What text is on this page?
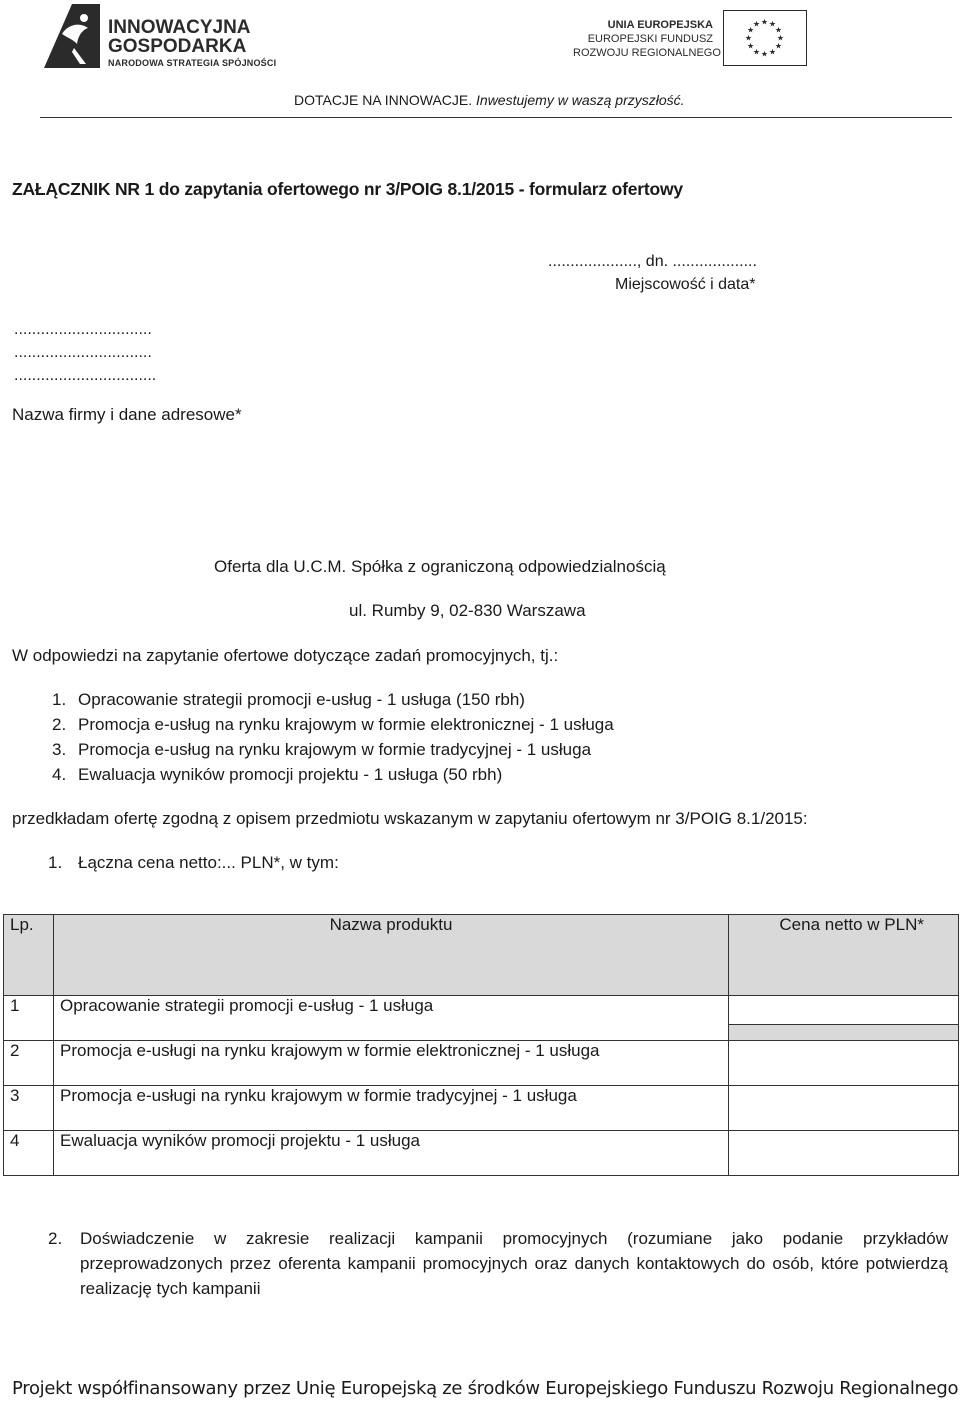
INNOWACYJNA
GOSPODARKA
NARODOWA STRATEGIA SPÓJNOŚCI
UNIA EUROPEJSKA
EUROPEJSKI FUNDUSZ
ROZWOJU REGIONALNEGO
★ ★
★
★
★
★
★
★
★
★
★
★
DOTACJE NA INNOWACJE. Inwestujemy w waszą przyszłość.
ZAŁĄCZNIK NR 1 do zapytania ofertowego nr 3/POIG 8.1/2015 - formularz ofertowy
...................., dn. ...................
Miejscowość i data*
...............................
...............................
................................
Nazwa firmy i dane adresowe*
Oferta dla U.C.M. Spółka z ograniczoną odpowiedzialnością
ul. Rumby 9, 02-830 Warszawa
W odpowiedzi na zapytanie ofertowe dotyczące zadań promocyjnych, tj.:
1. Opracowanie strategii promocji e-usług - 1 usługa (150 rbh)
2. Promocja e-usług na rynku krajowym w formie elektronicznej - 1 usługa
3. Promocja e-usług na rynku krajowym w formie tradycyjnej - 1 usługa
4. Ewaluacja wyników promocji projektu - 1 usługa (50 rbh)
przedkładam ofertę zgodną z opisem przedmiotu wskazanym w zapytaniu ofertowym nr 3/POIG 8.1/2015:
1. Łączna cena netto:... PLN*, w tym:
Lp.	Nazwa produktu	Cena netto w PLN*
1	Opracowanie strategii promocji e-usług - 1 usługa	

2	Promocja e-usługi na rynku krajowym w formie elektronicznej - 1 usługa	
3	Promocja e-usługi na rynku krajowym w formie tradycyjnej - 1 usługa	
4	Ewaluacja wyników promocji projektu - 1 usługa	
2. Doświadczenie w zakresie realizacji kampanii promocyjnych (rozumiane jako podanie przykładów przeprowadzonych przez oferenta kampanii promocyjnych oraz danych kontaktowych do osób, które potwierdzą realizację tych kampanii
Projekt współfinansowany przez Unię Europejską ze środków Europejskiego Funduszu Rozwoju Regionalnego
